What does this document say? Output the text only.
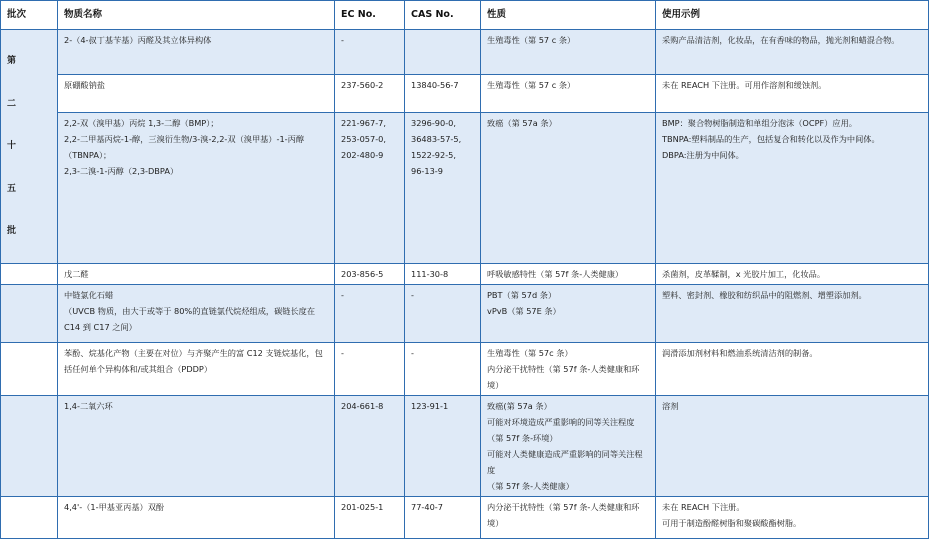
批次	物质名称	EC No.	CAS No.	性质	使用示例

第

二

十

五

批	2-（4-叔丁基苄基）丙醛及其立体异构体	-		生殖毒性（第 57 c 条）	采购产品清洁剂，化妆品，在有香味的物品，抛光剂和蜡混合物。
	原硼酸钠盐	237-560-2	13840-56-7	生殖毒性（第 57 c 条）	未在 REACH 下注册。可用作溶剂和缓蚀剂。
	2,2-双（溴甲基）丙烷 1,3-二醇（BMP）；
2,2-二甲基丙烷-1-醇，三溴衍生物/3-溴-2,2-双（溴甲基）-1-丙醇（TBNPA）；
2,3-二溴-1-丙醇（2,3-DBPA）	221-967-7,
253-057-0,
202-480-9	3296-90-0,
36483-57-5,
1522-92-5,
96-13-9	致癌（第 57a 条）	BMP：聚合物树脂制造和单组分泡沫（OCPF）应用。
TBNPA:塑料制品的生产，包括复合和转化以及作为中间体。
DBPA:注册为中间体。
	戊二醛	203-856-5	111-30-8	呼吸敏感特性（第 57f 条-人类健康）	杀菌剂，皮革鞣制，x 光胶片加工，化妆品。
	中链氯化石蜡
（UVCB 物质，由大于或等于 80%的直链氯代烷烃组成，碳链长度在 C14 到 C17 之间）	-	-	PBT（第 57d 条）
vPvB（第 57E 条）	塑料、密封剂、橡胶和纺织品中的阻燃剂、增塑添加剂。
	苯酚、烷基化产物（主要在对位）与齐聚产生的富 C12 支链烷基化，包括任何单个异构体和/或其组合（PDDP）	-	-	生殖毒性（第 57c 条）
内分泌干扰特性（第 57f 条-人类健康和环境）	润滑添加剂材料和燃油系统清洁剂的制备。
	1,4-二氧六环	204-661-8	123-91-1	致癌(第 57a 条）
可能对环境造成严重影响的同等关注程度
（第 57f 条-环境）
可能对人类健康造成严重影响的同等关注程度
（第 57f 条-人类健康）	溶剂
	4,4'-（1-甲基亚丙基）双酚	201-025-1	77-40-7	内分泌干扰特性（第 57f 条-人类健康和环境）	未在 REACH 下注册。
可用于制造酚醛树脂和聚碳酸酯树脂。
